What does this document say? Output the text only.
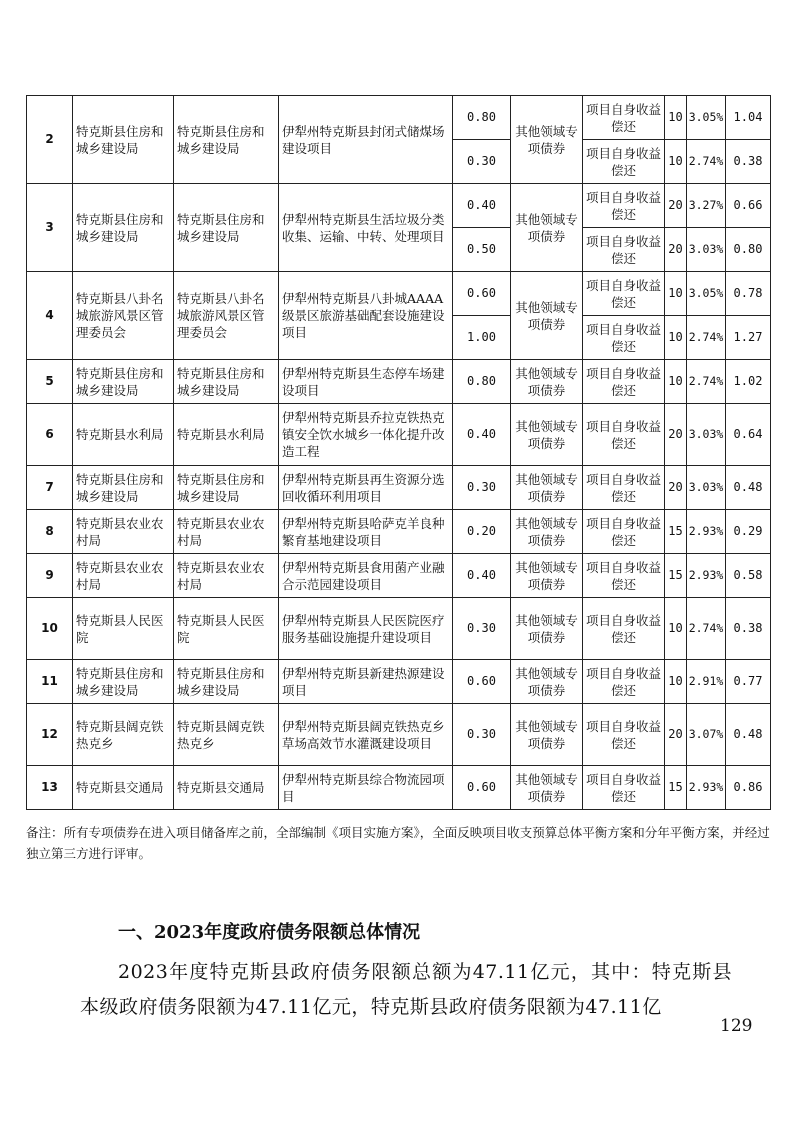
2	特克斯县住房和城乡建设局	特克斯县住房和城乡建设局	伊犁州特克斯县封闭式储煤场建设项目	0.80	其他领域专项债券	项目自身收益偿还	10	3.05%	1.04
				0.30		项目自身收益偿还	10	2.74%	0.38
3	特克斯县住房和城乡建设局	特克斯县住房和城乡建设局	伊犁州特克斯县生活垃圾分类收集、运输、中转、处理项目	0.40	其他领域专项债券	项目自身收益偿还	20	3.27%	0.66
				0.50		项目自身收益偿还	20	3.03%	0.80
4	特克斯县八卦名城旅游风景区管理委员会	特克斯县八卦名城旅游风景区管理委员会	伊犁州特克斯县八卦城AAAA级景区旅游基础配套设施建设项目	0.60	其他领域专项债券	项目自身收益偿还	10	3.05%	0.78
				1.00		项目自身收益偿还	10	2.74%	1.27
5	特克斯县住房和城乡建设局	特克斯县住房和城乡建设局	伊犁州特克斯县生态停车场建设项目	0.80	其他领域专项债券	项目自身收益偿还	10	2.74%	1.02
6	特克斯县水利局	特克斯县水利局	伊犁州特克斯县乔拉克铁热克镇安全饮水城乡一体化提升改造工程	0.40	其他领域专项债券	项目自身收益偿还	20	3.03%	0.64
7	特克斯县住房和城乡建设局	特克斯县住房和城乡建设局	伊犁州特克斯县再生资源分选回收循环利用项目	0.30	其他领域专项债券	项目自身收益偿还	20	3.03%	0.48
8	特克斯县农业农村局	特克斯县农业农村局	伊犁州特克斯县哈萨克羊良种繁育基地建设项目	0.20	其他领域专项债券	项目自身收益偿还	15	2.93%	0.29
9	特克斯县农业农村局	特克斯县农业农村局	伊犁州特克斯县食用菌产业融合示范园建设项目	0.40	其他领域专项债券	项目自身收益偿还	15	2.93%	0.58
10	特克斯县人民医院	特克斯县人民医院	伊犁州特克斯县人民医院医疗服务基础设施提升建设项目	0.30	其他领域专项债券	项目自身收益偿还	10	2.74%	0.38
11	特克斯县住房和城乡建设局	特克斯县住房和城乡建设局	伊犁州特克斯县新建热源建设项目	0.60	其他领域专项债券	项目自身收益偿还	10	2.91%	0.77
12	特克斯县阔克铁热克乡	特克斯县阔克铁热克乡	伊犁州特克斯县阔克铁热克乡草场高效节水灌溉建设项目	0.30	其他领域专项债券	项目自身收益偿还	20	3.07%	0.48
13	特克斯县交通局	特克斯县交通局	伊犁州特克斯县综合物流园项目	0.60	其他领域专项债券	项目自身收益偿还	15	2.93%	0.86

备注：所有专项债券在进入项目储备库之前，全部编制《项目实施方案》，全面反映项目收支预算总体平衡方案和分年平衡方案，并经过独立第三方进行评审。

一、2023年度政府债务限额总体情况

2023年度特克斯县政府债务限额总额为47.11亿元，其中：特克斯县本级政府债务限额为47.11亿元，特克斯县政府债务限额为47.11亿

129
